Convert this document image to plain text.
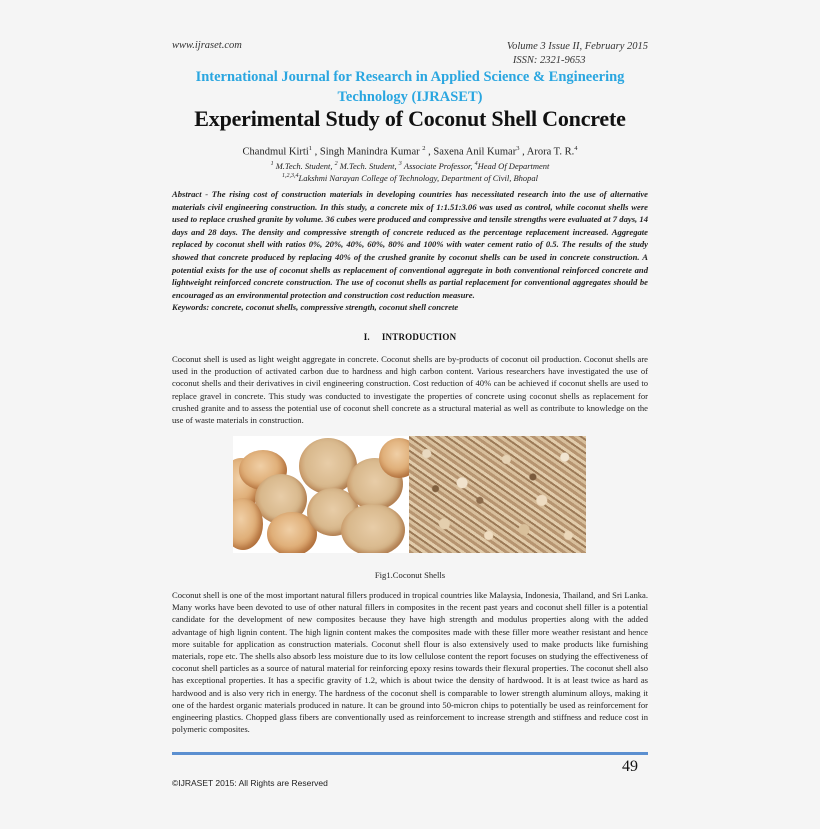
www.ijraset.com	Volume 3 Issue II, February 2015
ISSN: 2321-9653
International Journal for Research in Applied Science & Engineering Technology (IJRASET)
Experimental Study of Coconut Shell Concrete
Chandmul Kirti$^1$ , Singh Manindra Kumar $^2$ , Saxena Anil Kumar$^3$ , Arora T. R.$^4$
$^1$ M.Tech. Student, $^2$ M.Tech. Student, $^3$ Associate Professor, $^4$Head Of Department
$^{1,2,3,4}$Lakshmi Narayan College of Technology, Department of Civil, Bhopal
Abstract - The rising cost of construction materials in developing countries has necessitated research into the use of alternative materials civil engineering construction. In this study, a concrete mix of 1:1.51:3.06 was used as control, while coconut shells were used to replace crushed granite by volume. 36 cubes were produced and compressive and tensile strengths were evaluated at 7 days, 14 days and 28 days. The density and compressive strength of concrete reduced as the percentage replacement increased. Aggregate replaced by coconut shell with ratios 0%, 20%, 40%, 60%, 80% and 100% with water cement ratio of 0.5. The results of the study showed that concrete produced by replacing 40% of the crushed granite by coconut shells can be used in concrete construction. A potential exists for the use of coconut shells as replacement of conventional aggregate in both conventional reinforced concrete and lightweight reinforced concrete construction. The use of coconut shells as partial replacement for conventional aggregates should be encouraged as an environmental protection and construction cost reduction measure.
Keywords: concrete, coconut shells, compressive strength, coconut shell concrete
I. INTRODUCTION
Coconut shell is used as light weight aggregate in concrete. Coconut shells are by-products of coconut oil production. Coconut shells are used in the production of activated carbon due to hardness and high carbon content. Various researchers have investigated the use of coconut shells and their derivatives in civil engineering construction. Cost reduction of 40% can be achieved if coconut shells are used to replace gravel in concrete. This study was conducted to investigate the properties of concrete using coconut shells as replacement for crushed granite and to assess the potential use of coconut shell concrete as a structural material as well as contribute to knowledge on the use of waste materials in construction.
Fig1.Coconut Shells
Coconut shell is one of the most important natural fillers produced in tropical countries like Malaysia, Indonesia, Thailand, and Sri Lanka. Many works have been devoted to use of other natural fillers in composites in the recent past years and coconut shell filler is a potential candidate for the development of new composites because they have high strength and modulus properties along with the added advantage of high lignin content. The high lignin content makes the composites made with these filler more weather resistant and hence more suitable for application as construction materials. Coconut shell flour is also extensively used to make products like furnishing materials, rope etc. The shells also absorb less moisture due to its low cellulose content the report focuses on studying the effectiveness of coconut shell particles as a source of natural material for reinforcing epoxy resins towards their flexural properties. The coconut shell also has exceptional properties. It has a specific gravity of 1.2, which is about twice the density of hardwood. It is at least twice as hard as hardwood and is also very rich in energy. The hardness of the coconut shell is comparable to lower strength aluminum alloys, making it one of the hardest organic materials produced in nature. It can be ground into 50-micron chips to potentially be used as reinforcement for engineering plastics. Chopped glass fibers are conventionally used as reinforcement to increase strength and stiffness and reduce cost in polymeric composites.
49
©IJRASET 2015: All Rights are Reserved
